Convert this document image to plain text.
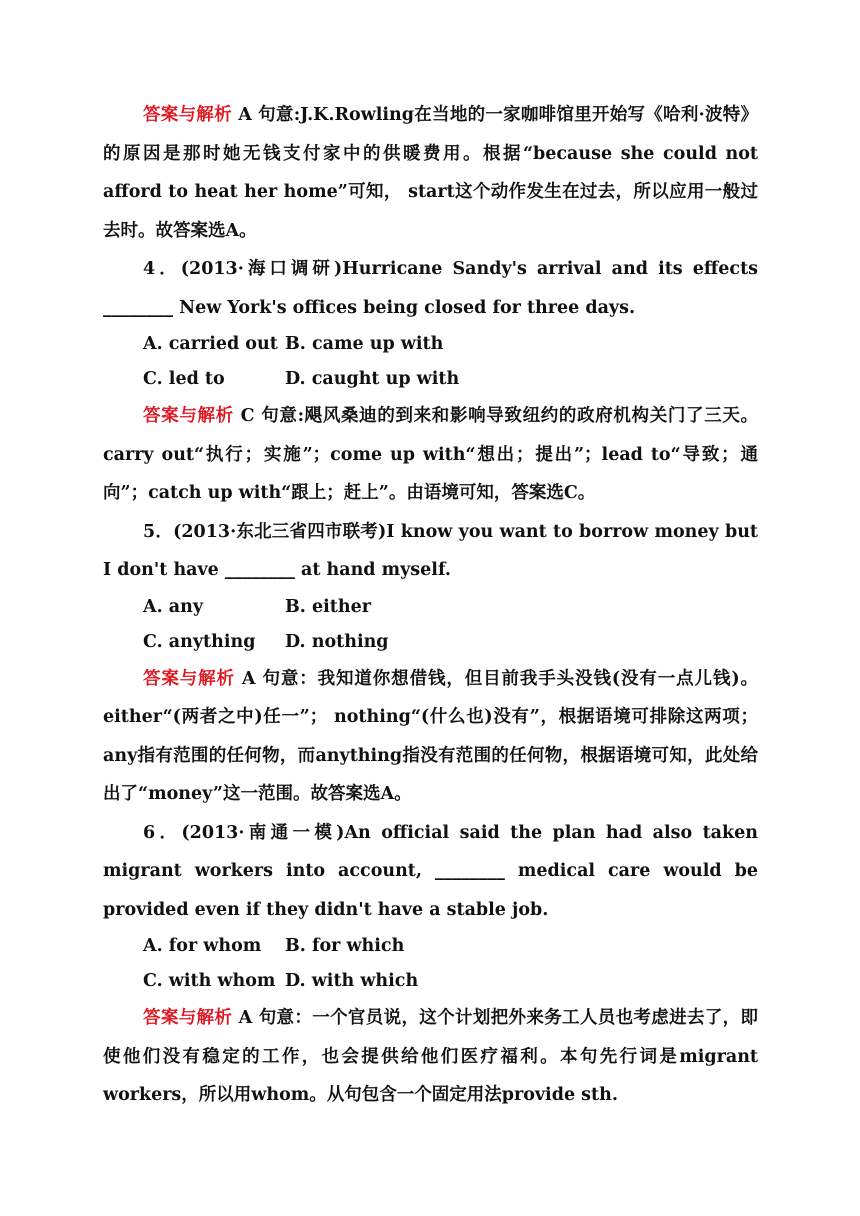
答案与解析 A 句意:J.K.Rowling在当地的一家咖啡馆里开始写《哈利·波特》的原因是那时她无钱支付家中的供暖费用。根据“because she could not afford to heat her home”可知， start这个动作发生在过去，所以应用一般过去时。故答案选A。

4．(2013·海口调研)Hurricane Sandy's arrival and its effects ________ New York's offices being closed for three days.

A. carried out B. came up with
C. led to	D. caught up with

答案与解析 C 句意:飓风桑迪的到来和影响导致纽约的政府机构关门了三天。carry out“执行；实施”；come up with“想出；提出”；lead to“导致；通向”；catch up with“跟上；赶上”。由语境可知，答案选C。

5．(2013·东北三省四市联考)I know you want to borrow money but I don't have ________ at hand myself.

A. any	B. either
C. anything	D. nothing

答案与解析 A 句意：我知道你想借钱，但目前我手头没钱(没有一点儿钱)。either“(两者之中)任一”； nothing“(什么也)没有”，根据语境可排除这两项； any指有范围的任何物，而anything指没有范围的任何物，根据语境可知，此处给出了“money”这一范围。故答案选A。

6．(2013·南通一模)An official said the plan had also taken migrant workers into account, ________ medical care would be provided even if they didn't have a stable job.

A. for whom	B. for which
C. with whom D. with which

答案与解析 A 句意：一个官员说，这个计划把外来务工人员也考虑进去了，即使他们没有稳定的工作，也会提供给他们医疗福利。本句先行词是migrant workers，所以用whom。从句包含一个固定用法provide sth.
